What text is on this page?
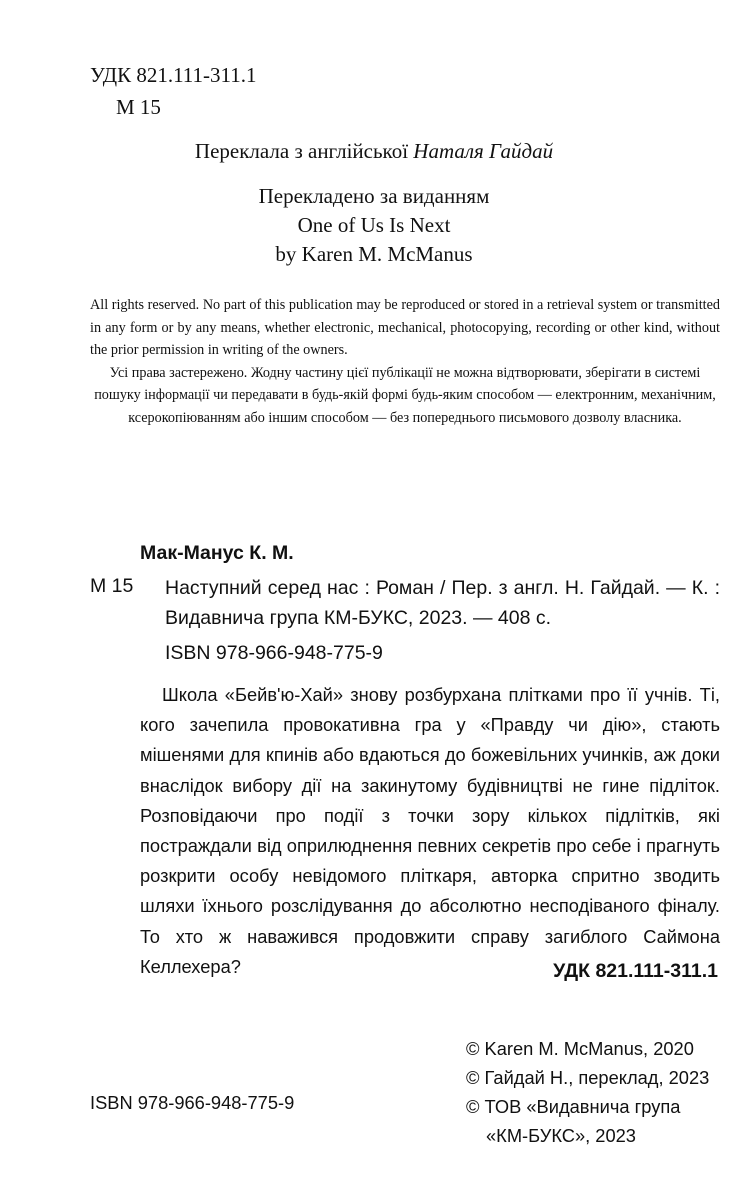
УДК 821.111-311.1
М 15
Переклала з англійської Наталя Гайдай
Перекладено за виданням
One of Us Is Next
by Karen M. McManus

All rights reserved. No part of this publication may be reproduced or stored in a retrieval system or transmitted in any form or by any means, whether electronic, mechanical, photocopying, recording or other kind, without the prior permission in writing of the owners.

Усі права застережено. Жодну частину цієї публікації не можна відтворювати, зберігати в системі пошуку інформації чи передавати в будь-якій формі будь-яким способом — електронним, механічним, ксерокопіюванням або іншим способом — без попереднього письмового дозволу власника.

Мак-Манус К. М.
М 15 Наступний серед нас : Роман / Пер. з англ. Н. Гайдай. — К. : Видавнича група КМ-БУКС, 2023. — 408 с.
ISBN 978-966-948-775-9
Школа «Бейв'ю-Хай» знову розбурхана плітками про її учнів. Ті, кого зачепила провокативна гра у «Правду чи дію», стають мішенями для кпинів або вдаються до божевільних учинків, аж доки внаслідок вибору дії на закинутому будівництві не гине підліток. Розповідаючи про події з точки зору кількох підлітків, які постраждали від оприлюднення певних секретів про себе і прагнуть розкрити особу невідомого пліткаря, авторка спритно зводить шляхи їхнього розслідування до абсолютно несподіваного фіналу. То хто ж наважився продовжити справу загиблого Саймона Келлехера?	УДК 821.111-311.1
ISBN 978-966-948-775-9
© Karen M. McManus, 2020
© Гайдай Н., переклад, 2023
© ТОВ «Видавнича група
«КМ-БУКС», 2023
